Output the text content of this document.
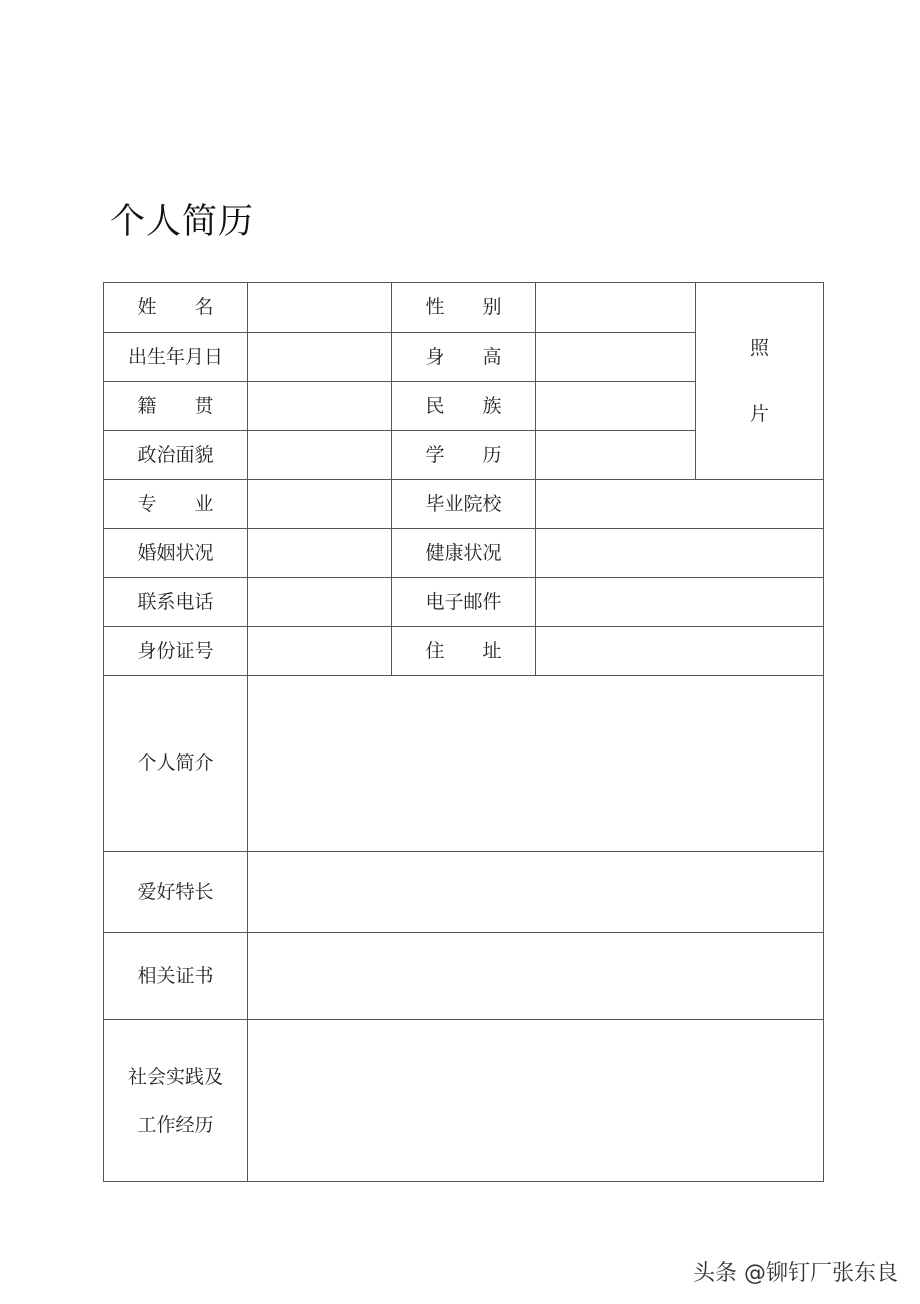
个人简历
姓 名		性 别		照
片
出生年月日		身 高		
籍 贯		民 族		
政治面貌		学 历		
专 业		毕业院校		
婚姻状况		健康状况		
联系电话		电子邮件		
身份证号		住 址		
个人简介				
爱好特长				
相关证书				
社会实践及
工作经历				
头条 @铆钉厂张东良
